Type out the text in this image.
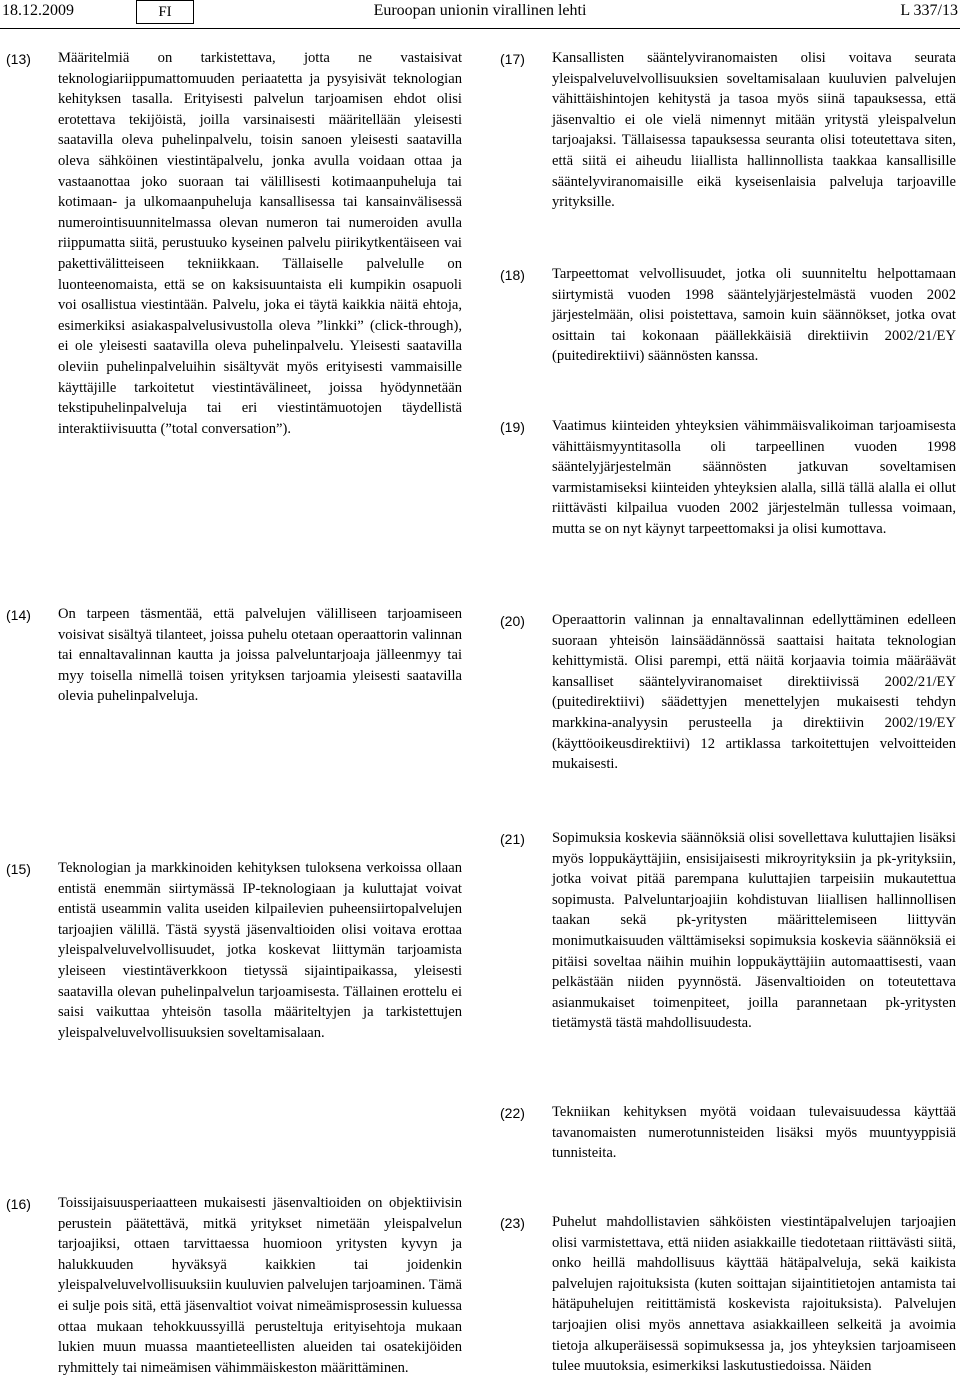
18.12.2009	FI	Euroopan unionin virallinen lehti	L 337/13
(13)	Määritelmiä on tarkistettava, jotta ne vastaisivat teknologiariippumattomuuden periaatetta ja pysyisivät teknologian kehityksen tasalla. Erityisesti palvelun tarjoamisen ehdot olisi erotettava tekijöistä, joilla varsinaisesti määritellään yleisesti saatavilla oleva puhelinpalvelu, toisin sanoen yleisesti saatavilla oleva sähköinen viestintäpalvelu, jonka avulla voidaan ottaa ja vastaanottaa joko suoraan tai välillisesti kotimaanpuheluja tai kotimaan- ja ulkomaanpuheluja kansallisessa tai kansainvälisessä numerointisuunnitelmassa olevan numeron tai numeroiden avulla riippumatta siitä, perustuuko kyseinen palvelu piirikytkentäiseen vai pakettivälitteiseen tekniikkaan. Tällaiselle palvelulle on luonteenomaista, että se on kaksisuuntaista eli kumpikin osapuoli voi osallistua viestintään. Palvelu, joka ei täytä kaikkia näitä ehtoja, esimerkiksi asiakaspalvelusivustolla oleva ”linkki” (click-through), ei ole yleisesti saatavilla oleva puhelinpalvelu. Yleisesti saatavilla oleviin puhelinpalveluihin sisältyvät myös erityisesti vammaisille käyttäjille tarkoitetut viestintävälineet, joissa hyödynnetään tekstipuhelinpalveluja tai eri viestintämuotojen täydellistä interaktiivisuutta (”total conversation”).
(14)	On tarpeen täsmentää, että palvelujen välilliseen tarjoamiseen voisivat sisältyä tilanteet, joissa puhelu otetaan operaattorin valinnan tai ennaltavalinnan kautta ja joissa palveluntarjoaja jälleenmyy tai myy toisella nimellä toisen yrityksen tarjoamia yleisesti saatavilla olevia puhelinpalveluja.
(15)	Teknologian ja markkinoiden kehityksen tuloksena verkoissa ollaan entistä enemmän siirtymässä IP-teknologiaan ja kuluttajat voivat entistä useammin valita useiden kilpailevien puheensiirtopalvelujen tarjoajien välillä. Tästä syystä jäsenvaltioiden olisi voitava erottaa yleispalveluvelvollisuudet, jotka koskevat liittymän tarjoamista yleiseen viestintäverkkoon tietyssä sijaintipaikassa, yleisesti saatavilla olevan puhelinpalvelun tarjoamisesta. Tällainen erottelu ei saisi vaikuttaa yhteisön tasolla määriteltyjen ja tarkistettujen yleispalveluvelvollisuuksien soveltamisalaan.
(16)	Toissijaisuusperiaatteen mukaisesti jäsenvaltioiden on objektiivisin perustein päätettävä, mitkä yritykset nimetään yleispalvelun tarjoajiksi, ottaen tarvittaessa huomioon yritysten kyvyn ja halukkuuden hyväksyä kaikkien tai joidenkin yleispalveluvelvollisuuksiin kuuluvien palvelujen tarjoaminen. Tämä ei sulje pois sitä, että jäsenvaltiot voivat nimeämisprosessin kuluessa ottaa mukaan tehokkuussyillä perusteltuja erityisehtoja mukaan lukien muun muassa maantieteellisten alueiden tai osatekijöiden ryhmittely tai nimeämisen vähimmäiskeston määrittäminen.
(17)	Kansallisten sääntelyviranomaisten olisi voitava seurata yleispalveluvelvollisuuksien soveltamisalaan kuuluvien palvelujen vähittäishintojen kehitystä ja tasoa myös siinä tapauksessa, että jäsenvaltio ei ole vielä nimennyt mitään yritystä yleispalvelun tarjoajaksi. Tällaisessa tapauksessa seuranta olisi toteutettava siten, että siitä ei aiheudu liiallista hallinnollista taakkaa kansallisille sääntelyviranomaisille eikä kyseisenlaisia palveluja tarjoaville yrityksille.
(18)	Tarpeettomat velvollisuudet, jotka oli suunniteltu helpottamaan siirtymistä vuoden 1998 sääntelyjärjestelmästä vuoden 2002 järjestelmään, olisi poistettava, samoin kuin säännökset, jotka ovat osittain tai kokonaan päällekkäisiä direktiivin 2002/21/EY (puitedirektiivi) säännösten kanssa.
(19)	Vaatimus kiinteiden yhteyksien vähimmäisvalikoiman tarjoamisesta vähittäismyyntitasolla oli tarpeellinen vuoden 1998 sääntelyjärjestelmän säännösten jatkuvan soveltamisen varmistamiseksi kiinteiden yhteyksien alalla, sillä tällä alalla ei ollut riittävästi kilpailua vuoden 2002 järjestelmän tullessa voimaan, mutta se on nyt käynyt tarpeettomaksi ja olisi kumottava.
(20)	Operaattorin valinnan ja ennaltavalinnan edellyttäminen edelleen suoraan yhteisön lainsäädännössä saattaisi haitata teknologian kehittymistä. Olisi parempi, että näitä korjaavia toimia määräävät kansalliset sääntelyviranomaiset direktiivissä 2002/21/EY (puitedirektiivi) säädettyjen menettelyjen mukaisesti tehdyn markkina-analyysin perusteella ja direktiivin 2002/19/EY (käyttöoikeusdirektiivi) 12 artiklassa tarkoitettujen velvoitteiden mukaisesti.
(21)	Sopimuksia koskevia säännöksiä olisi sovellettava kuluttajien lisäksi myös loppukäyttäjiin, ensisijaisesti mikroyrityksiin ja pk-yrityksiin, jotka voivat pitää parempana kuluttajien tarpeisiin mukautettua sopimusta. Palveluntarjoajiin kohdistuvan liiallisen hallinnollisen taakan sekä pk-yritysten määrittelemiseen liittyvän monimutkaisuuden välttämiseksi sopimuksia koskevia säännöksiä ei pitäisi soveltaa näihin muihin loppukäyttäjiin automaattisesti, vaan pelkästään niiden pyynnöstä. Jäsenvaltioiden on toteutettava asianmukaiset toimenpiteet, joilla parannetaan pk-yritysten tietämystä tästä mahdollisuudesta.
(22)	Tekniikan kehityksen myötä voidaan tulevaisuudessa käyttää tavanomaisten numerotunnisteiden lisäksi myös muuntyyppisiä tunnisteita.
(23)	Puhelut mahdollistavien sähköisten viestintäpalvelujen tarjoajien olisi varmistettava, että niiden asiakkaille tiedotetaan riittävästi siitä, onko heillä mahdollisuus käyttää hätäpalveluja, sekä kaikista palvelujen rajoituksista (kuten soittajan sijaintitietojen antamista tai hätäpuhelujen reitittämistä koskevista rajoituksista). Palvelujen tarjoajien olisi myös annettava asiakkailleen selkeitä ja avoimia tietoja alkuperäisessä sopimuksessa ja, jos yhteyksien tarjoamiseen tulee muutoksia, esimerkiksi laskutustiedoissa. Näiden
